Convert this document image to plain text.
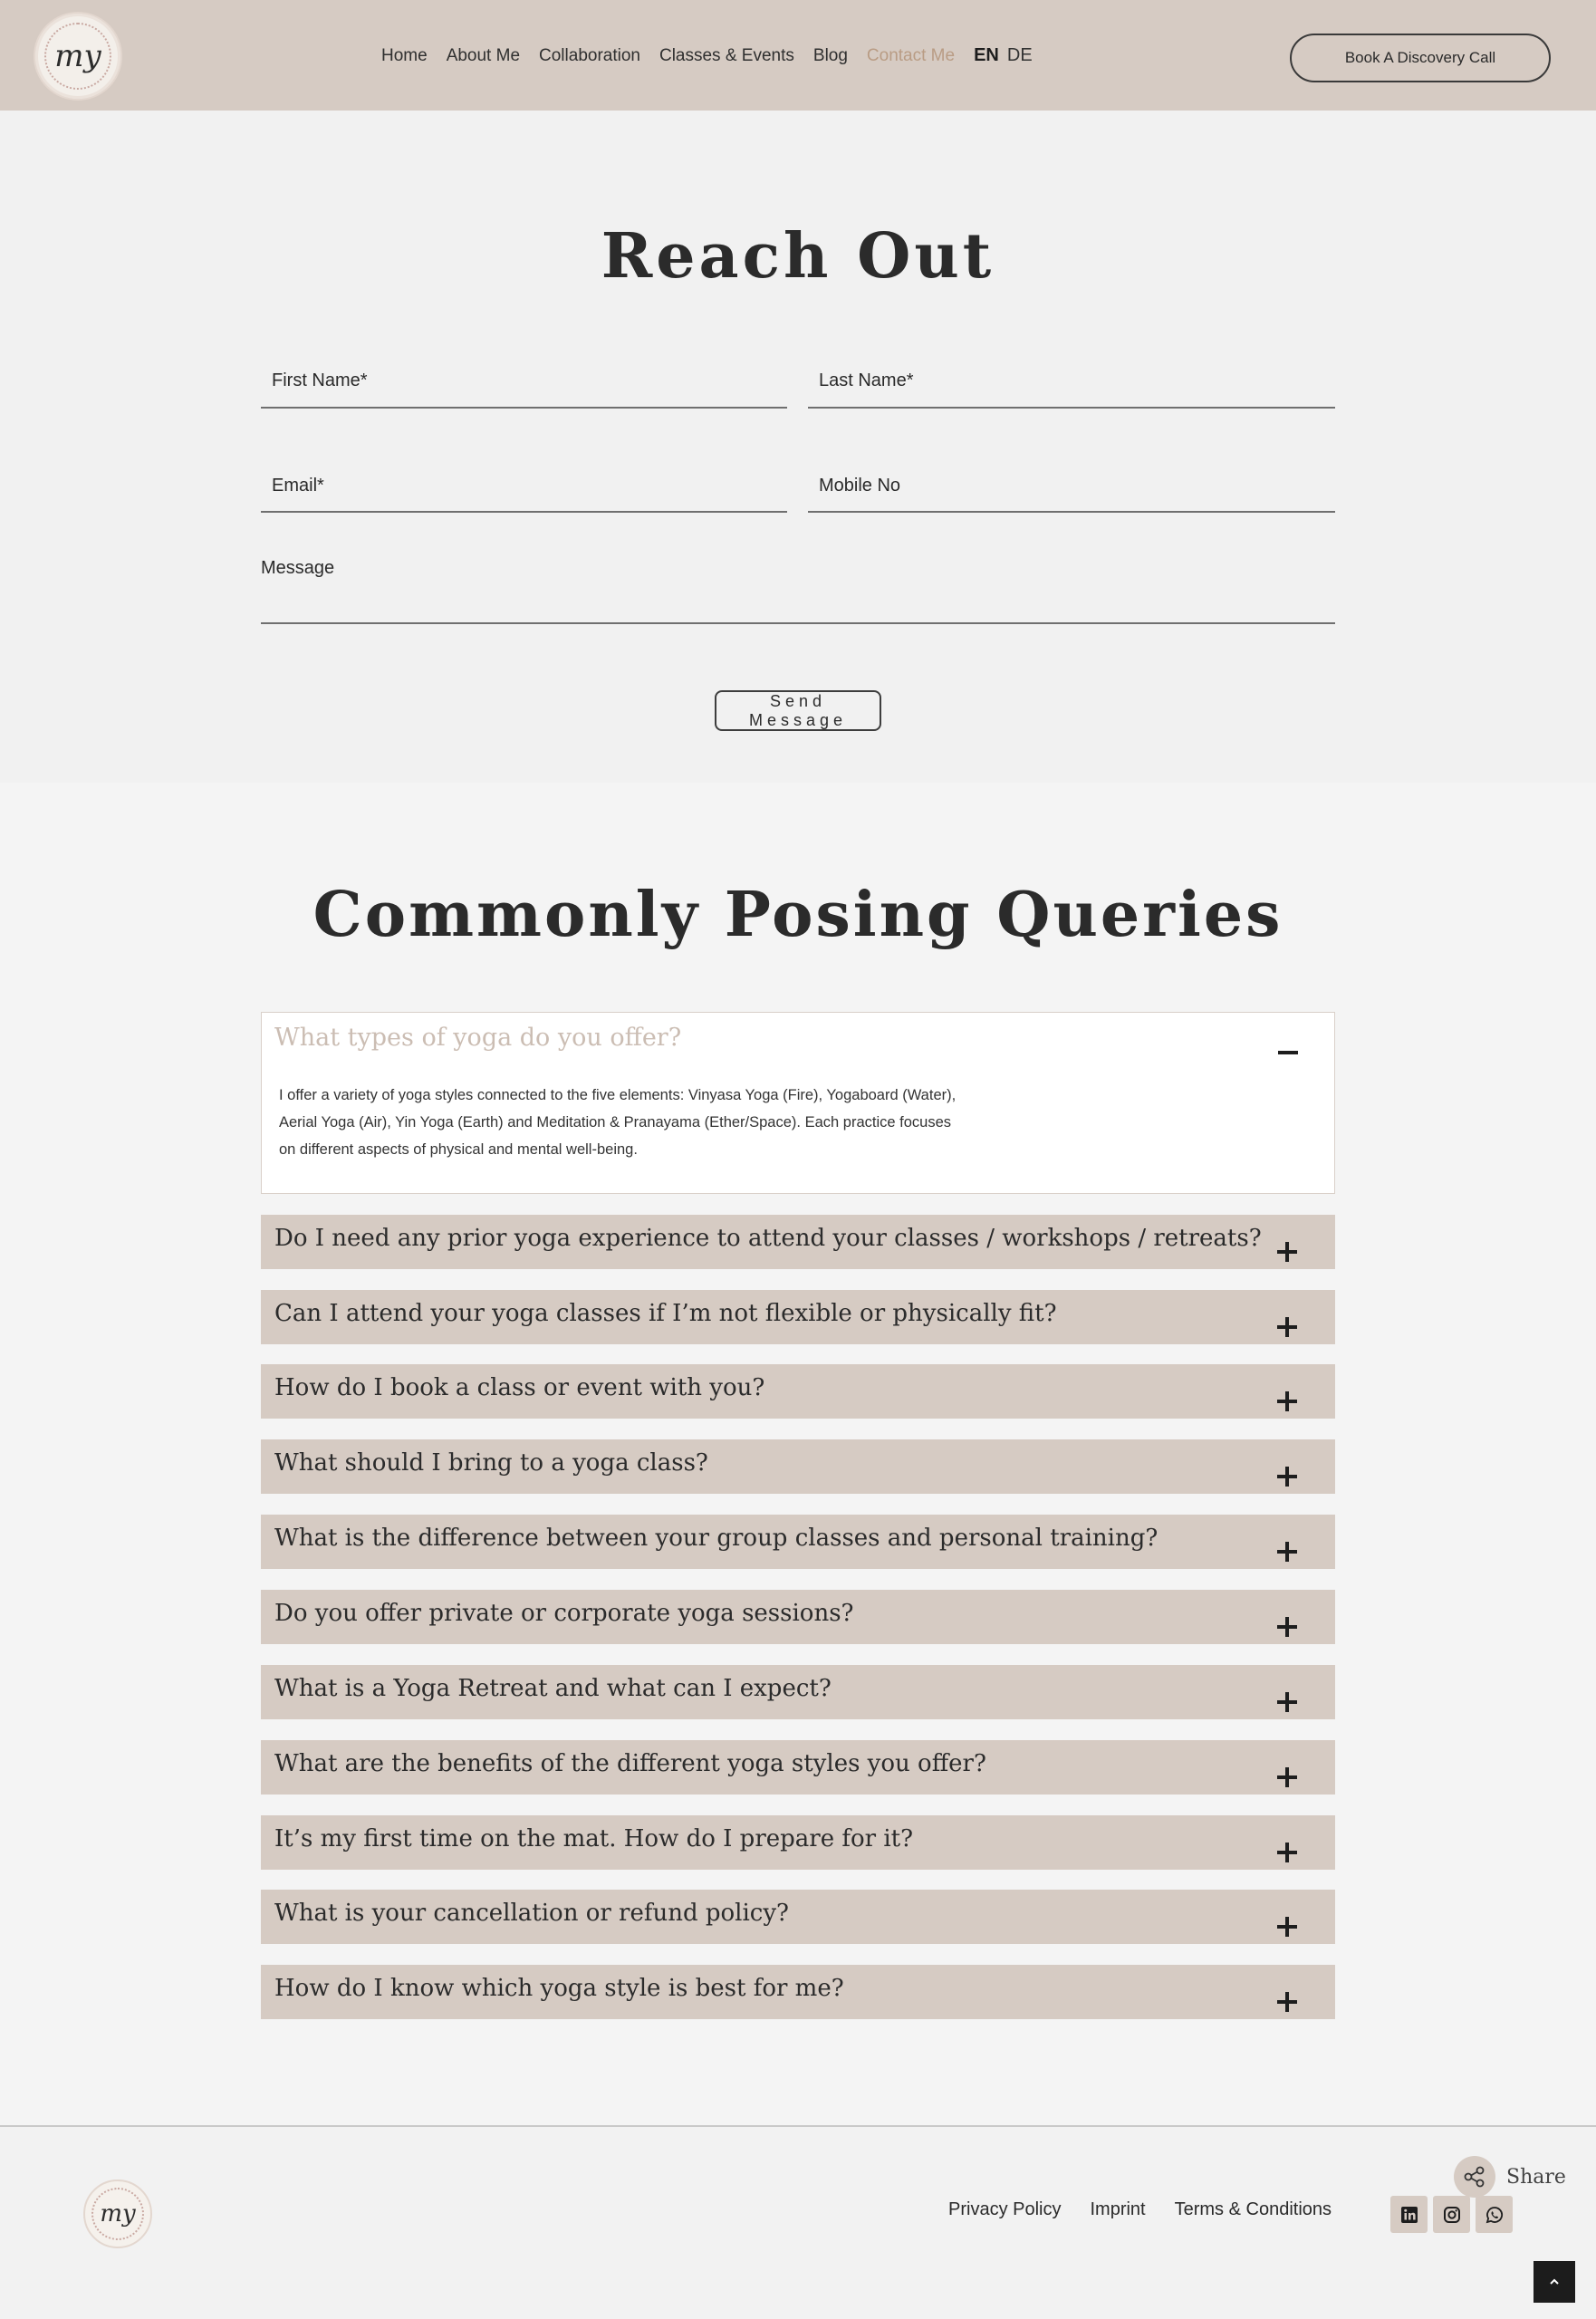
my	Home About Me Collaboration Classes & Events Blog Contact Me EN DE	Book A Discovery Call
Reach Out
First Name*
Last Name*
Email*
Mobile No
Message
Send Message
Commonly Posing Queries
What types of yoga do you offer?

I offer a variety of yoga styles connected to the five elements: Vinyasa Yoga (Fire), Yogaboard (Water), Aerial Yoga (Air), Yin Yoga (Earth) and Meditation & Pranayama (Ether/Space). Each practice focuses on different aspects of physical and mental well-being.

Do I need any prior yoga experience to attend your classes / workshops / retreats?
Can I attend your yoga classes if I’m not flexible or physically fit?
How do I book a class or event with you?
What should I bring to a yoga class?
What is the difference between your group classes and personal training?
Do you offer private or corporate yoga sessions?
What is a Yoga Retreat and what can I expect?
What are the benefits of the different yoga styles you offer?
It’s my first time on the mat. How do I prepare for it?
What is your cancellation or refund policy?
How do I know which yoga style is best for me?
my	Privacy Policy Imprint Terms & Conditions
Share
